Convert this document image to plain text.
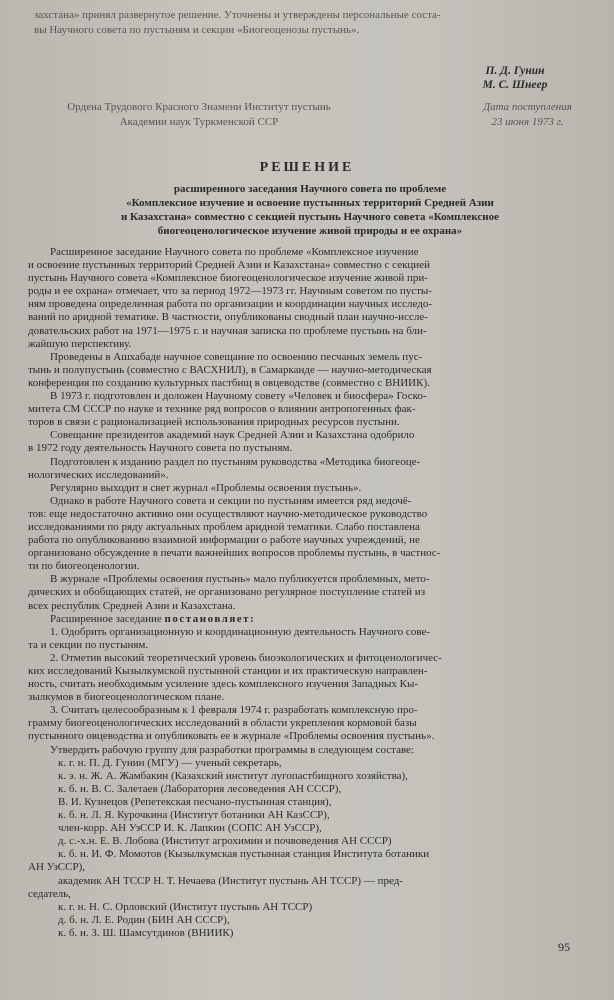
захстана» принял развернутое решение. Уточнены и утверждены персональные соста-
вы Научного совета по пустыням и секции «Биогеоценозы пустынь».
П. Д. Гунин
М. С. Шнеер
Ордена Трудового Красного Знамени Институт пустынь
Академии наук Туркменской ССР
Дата поступления
23 июня 1973 г.
РЕШЕНИЕ
расширенного заседания Научного совета по проблеме
«Комплексное изучение и освоение пустынных территорий Средней Азии
и Казахстана» совместно с секцией пустынь Научного совета «Комплексное
биогеоценологическое изучение живой природы и ее охрана»
Расширенное заседание Научного совета по проблеме «Комплексное изучение
и освоение пустынных территорий Средней Азии и Казахстана» совместно с секцией
пустынь Научного совета «Комплексное биогеоценологическое изучение живой при-
роды и ее охрана» отмечает, что за период 1972—1973 гг. Научным советом по пусты-
ням проведена определенная работа по организации и координации научных исследо-
ваний по аридной тематике. В частности, опубликованы сводный план научно-иссле-
довательских работ на 1971—1975 г. и научная записка по проблеме пустынь на бли-
жайшую перспективу.
Проведены в Ашхабаде научное совещание по освоению песчаных земель пус-
тынь и полупустынь (совместно с ВАСХНИЛ), в Самарканде — научно-методическая
конференция по созданию культурных пастбищ в овцеводстве (совместно с ВНИИК).
В 1973 г. подготовлен и доложен Научному совету «Человек и биосфера» Госко-
митета СМ СССР по науке и технике ряд вопросов о влиянии антропогенных фак-
торов в связи с рационализацией использования природных ресурсов пустыни.
Совещание президентов академий наук Средней Азии и Казахстана одобрило
в 1972 году деятельность Научного совета по пустыням.
Подготовлен к изданию раздел по пустыням руководства «Методика биогеоце-
нологических исследований».
Регулярно выходит в свет журнал «Проблемы освоения пустынь».
Однако в работе Научного совета и секции по пустыням имеется ряд недочё-
тов: еще недостаточно активно они осуществляют научно-методическое руководство
исследованиями по ряду актуальных проблем аридной тематики. Слабо поставлена
работа по опубликованию взаимной информации о работе научных учреждений, не
организовано обсуждение в печати важнейших вопросов проблемы пустынь, в частнос-
ти по биогеоценологии.
В журнале «Проблемы освоения пустынь» мало публикуется проблемных, мето-
дических и обобщающих статей, не организовано регулярное поступление статей из
всех республик Средней Азии и Казахстана.
Расширенное заседание постановляет:
1. Одобрить организационную и координационную деятельность Научного сове-
та и секции по пустыням.
2. Отметив высокий теоретический уровень биоэкологических и фитоценологичес-
ких исследований Кызылкумской пустынной станции и их практическую направлен-
ность, считать необходимым усиление здесь комплексного изучения Западных Кы-
зылкумов в биогеоценологическом плане.
3. Считать целесообразным к 1 февраля 1974 г. разработать комплексную про-
грамму биогеоценологических исследований в области укрепления кормовой базы
пустынного овцеводства и опубликовать ее в журнале «Проблемы освоения пустынь».
Утвердить рабочую группу для разработки программы в следующем составе:
к. г. н. П. Д. Гунин (МГУ) — ученый секретарь,
к. э. н. Ж. А. Жамбакин (Казахский институт лугопастбищного хозяйства),
к. б. н. В. С. Залетаев (Лаборатория лесоведения АН СССР),
В. И. Кузнецов (Репетекская песчано-пустынная станция),
к. б. н. Л. Я. Курочкина (Институт ботаники АН КазССР),
член-корр. АН УзССР И. К. Лапкин (СОПС АН УзССР),
д. с.-х.н. Е. В. Лобова (Институт агрохимии и почвоведения АН СССР)
к. б. н. И. Ф. Момотов (Кызылкумская пустынная станция Института ботаники
АН УзССР),
академик АН ТССР Н. Т. Нечаева (Институт пустынь АН ТССР) — пред-
седатель,
к. г. н. Н. С. Орловский (Институт пустынь АН ТССР)
д. б. н. Л. Е. Родин (БИН АН СССР),
к. б. н. З. Ш. Шамсутдинов (ВНИИК)
95
